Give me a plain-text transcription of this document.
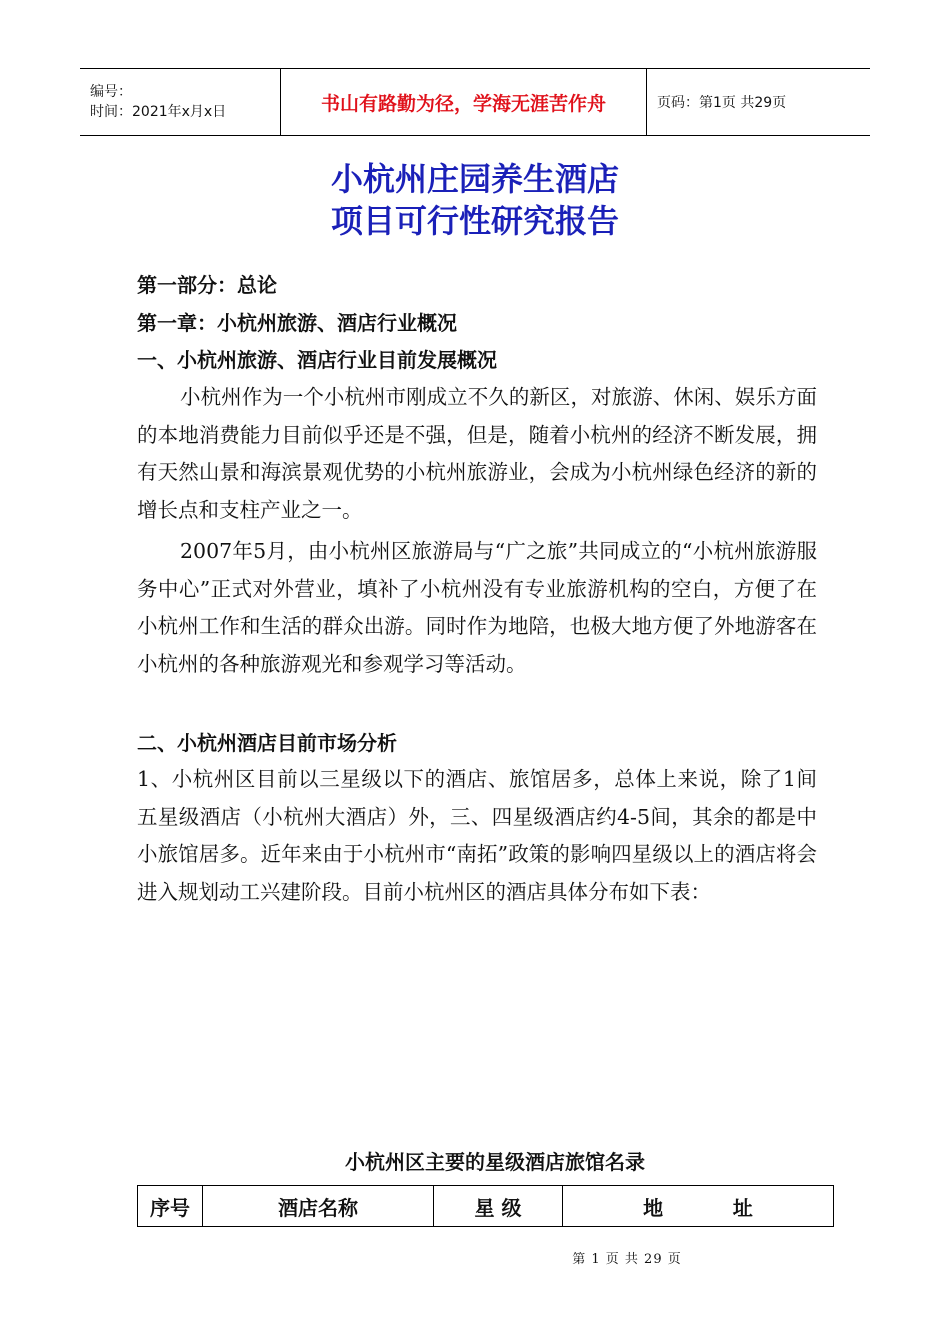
编号：
时间：2021年x月x日	书山有路勤为径，学海无涯苦作舟	页码：第1页 共29页
小杭州庄园养生酒店
项目可行性研究报告
第一部分：总论
第一章：小杭州旅游、酒店行业概况
一、小杭州旅游、酒店行业目前发展概况

小杭州作为一个小杭州市刚成立不久的新区，对旅游、休闲、娱乐方面的本地消费能力目前似乎还是不强，但是，随着小杭州的经济不断发展，拥有天然山景和海滨景观优势的小杭州旅游业，会成为小杭州绿色经济的新的增长点和支柱产业之一。

2007年5月，由小杭州区旅游局与“广之旅”共同成立的“小杭州旅游服务中心”正式对外营业，填补了小杭州没有专业旅游机构的空白，方便了在小杭州工作和生活的群众出游。同时作为地陪，也极大地方便了外地游客在小杭州的各种旅游观光和参观学习等活动。

二、小杭州酒店目前市场分析

1、小杭州区目前以三星级以下的酒店、旅馆居多，总体上来说，除了1间五星级酒店（小杭州大酒店）外，三、四星级酒店约4-5间，其余的都是中小旅馆居多。近年来由于小杭州市“南拓”政策的影响四星级以上的酒店将会进入规划动工兴建阶段。目前小杭州区的酒店具体分布如下表：

小杭州区主要的星级酒店旅馆名录
序号	酒店名称	星 级	地          址
第 1 页 共 29 页
